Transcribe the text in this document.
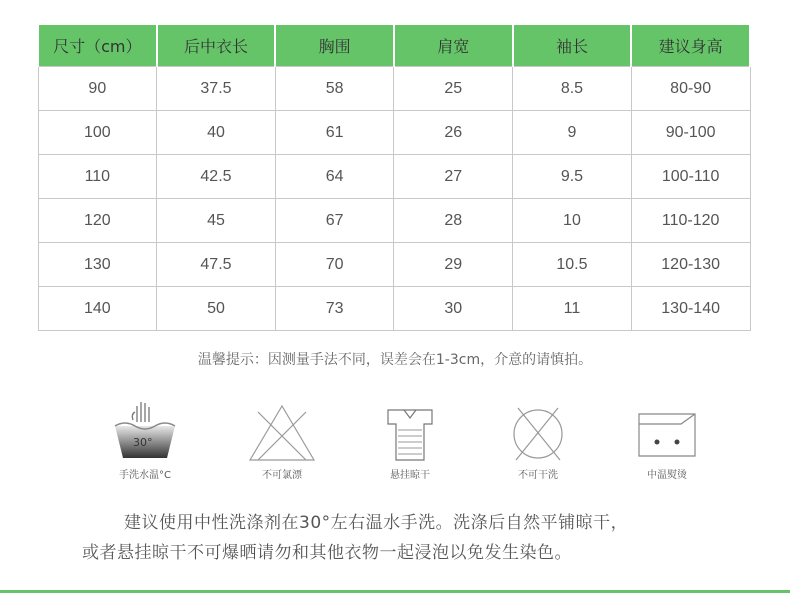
尺寸（cm）	后中衣长	胸围	肩宽	袖长	建议身高
90	37.5	58	25	8.5	80-90
100	40	61	26	9	90-100
110	42.5	64	27	9.5	100-110
120	45	67	28	10	110-120
130	47.5	70	29	10.5	120-130
140	50	73	30	11	130-140
温馨提示：因测量手法不同，误差会在1-3cm，介意的请慎拍。
30°
手洗水温°C	不可氯漂	悬挂晾干	不可干洗	中温熨烫

建议使用中性洗涤剂在30°左右温水手洗。洗涤后自然平铺晾干，

或者悬挂晾干不可爆晒请勿和其他衣物一起浸泡以免发生染色。
